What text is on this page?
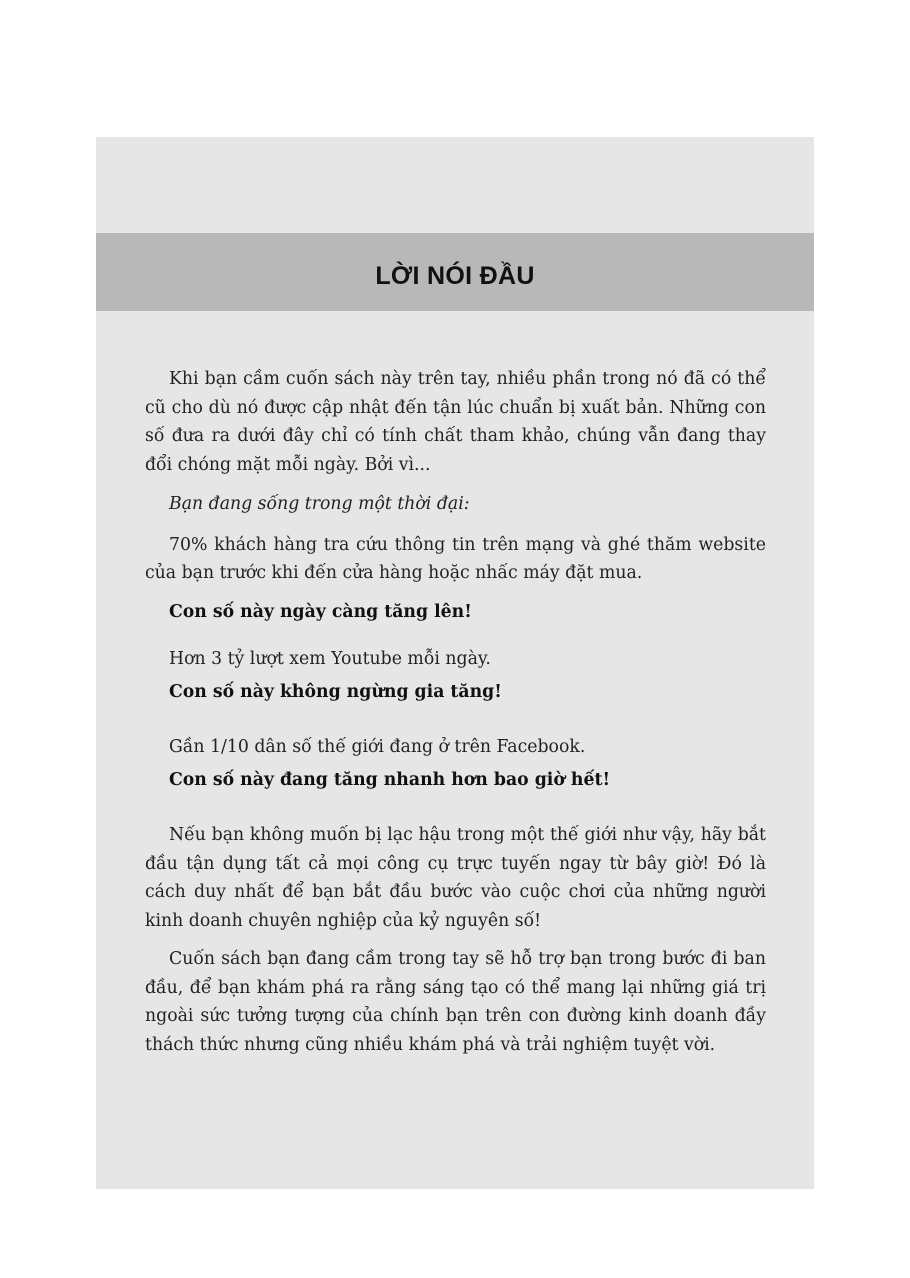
LỜI NÓI ĐẦU

Khi bạn cầm cuốn sách này trên tay, nhiều phần trong nó đã có thể cũ cho dù nó được cập nhật đến tận lúc chuẩn bị xuất bản. Những con số đưa ra dưới đây chỉ có tính chất tham khảo, chúng vẫn đang thay đổi chóng mặt mỗi ngày. Bởi vì...

Bạn đang sống trong một thời đại:

70% khách hàng tra cứu thông tin trên mạng và ghé thăm website của bạn trước khi đến cửa hàng hoặc nhấc máy đặt mua.

Con số này ngày càng tăng lên!

Hơn 3 tỷ lượt xem Youtube mỗi ngày.

Con số này không ngừng gia tăng!

Gần 1/10 dân số thế giới đang ở trên Facebook.

Con số này đang tăng nhanh hơn bao giờ hết!

Nếu bạn không muốn bị lạc hậu trong một thế giới như vậy, hãy bắt đầu tận dụng tất cả mọi công cụ trực tuyến ngay từ bây giờ! Đó là cách duy nhất để bạn bắt đầu bước vào cuộc chơi của những người kinh doanh chuyên nghiệp của kỷ nguyên số!

Cuốn sách bạn đang cầm trong tay sẽ hỗ trợ bạn trong bước đi ban đầu, để bạn khám phá ra rằng sáng tạo có thể mang lại những giá trị ngoài sức tưởng tượng của chính bạn trên con đường kinh doanh đầy thách thức nhưng cũng nhiều khám phá và trải nghiệm tuyệt vời.
